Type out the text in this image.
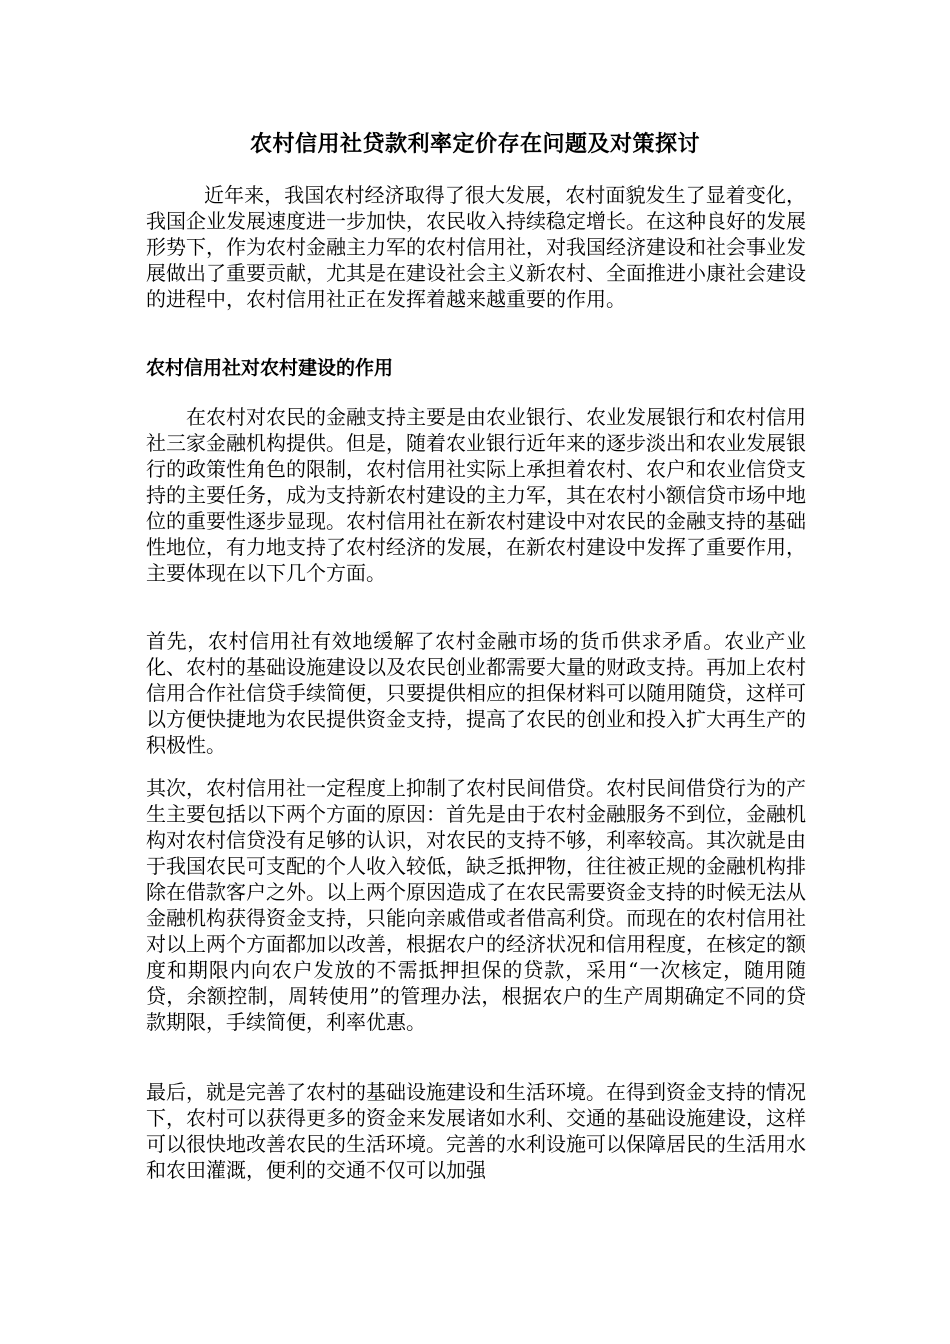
农村信用社贷款利率定价存在问题及对策探讨

近年来，我国农村经济取得了很大发展，农村面貌发生了显着变化，我国企业发展速度进一步加快，农民收入持续稳定增长。在这种良好的发展形势下，作为农村金融主力军的农村信用社，对我国经济建设和社会事业发展做出了重要贡献，尤其是在建设社会主义新农村、全面推进小康社会建设的进程中，农村信用社正在发挥着越来越重要的作用。

农村信用社对农村建设的作用

在农村对农民的金融支持主要是由农业银行、农业发展银行和农村信用社三家金融机构提供。但是，随着农业银行近年来的逐步淡出和农业发展银行的政策性角色的限制，农村信用社实际上承担着农村、农户和农业信贷支持的主要任务，成为支持新农村建设的主力军，其在农村小额信贷市场中地位的重要性逐步显现。农村信用社在新农村建设中对农民的金融支持的基础性地位，有力地支持了农村经济的发展，在新农村建设中发挥了重要作用，主要体现在以下几个方面。

首先，农村信用社有效地缓解了农村金融市场的货币供求矛盾。农业产业化、农村的基础设施建设以及农民创业都需要大量的财政支持。再加上农村信用合作社信贷手续简便，只要提供相应的担保材料可以随用随贷，这样可以方便快捷地为农民提供资金支持，提高了农民的创业和投入扩大再生产的积极性。

其次，农村信用社一定程度上抑制了农村民间借贷。农村民间借贷行为的产生主要包括以下两个方面的原因：首先是由于农村金融服务不到位，金融机构对农村信贷没有足够的认识，对农民的支持不够，利率较高。其次就是由于我国农民可支配的个人收入较低，缺乏抵押物，往往被正规的金融机构排除在借款客户之外。以上两个原因造成了在农民需要资金支持的时候无法从金融机构获得资金支持，只能向亲戚借或者借高利贷。而现在的农村信用社对以上两个方面都加以改善，根据农户的经济状况和信用程度，在核定的额度和期限内向农户发放的不需抵押担保的贷款，采用“一次核定，随用随贷，余额控制，周转使用”的管理办法，根据农户的生产周期确定不同的贷款期限，手续简便，利率优惠。

最后，就是完善了农村的基础设施建设和生活环境。在得到资金支持的情况下，农村可以获得更多的资金来发展诸如水利、交通的基础设施建设，这样可以很快地改善农民的生活环境。完善的水利设施可以保障居民的生活用水和农田灌溉，便利的交通不仅可以加强
